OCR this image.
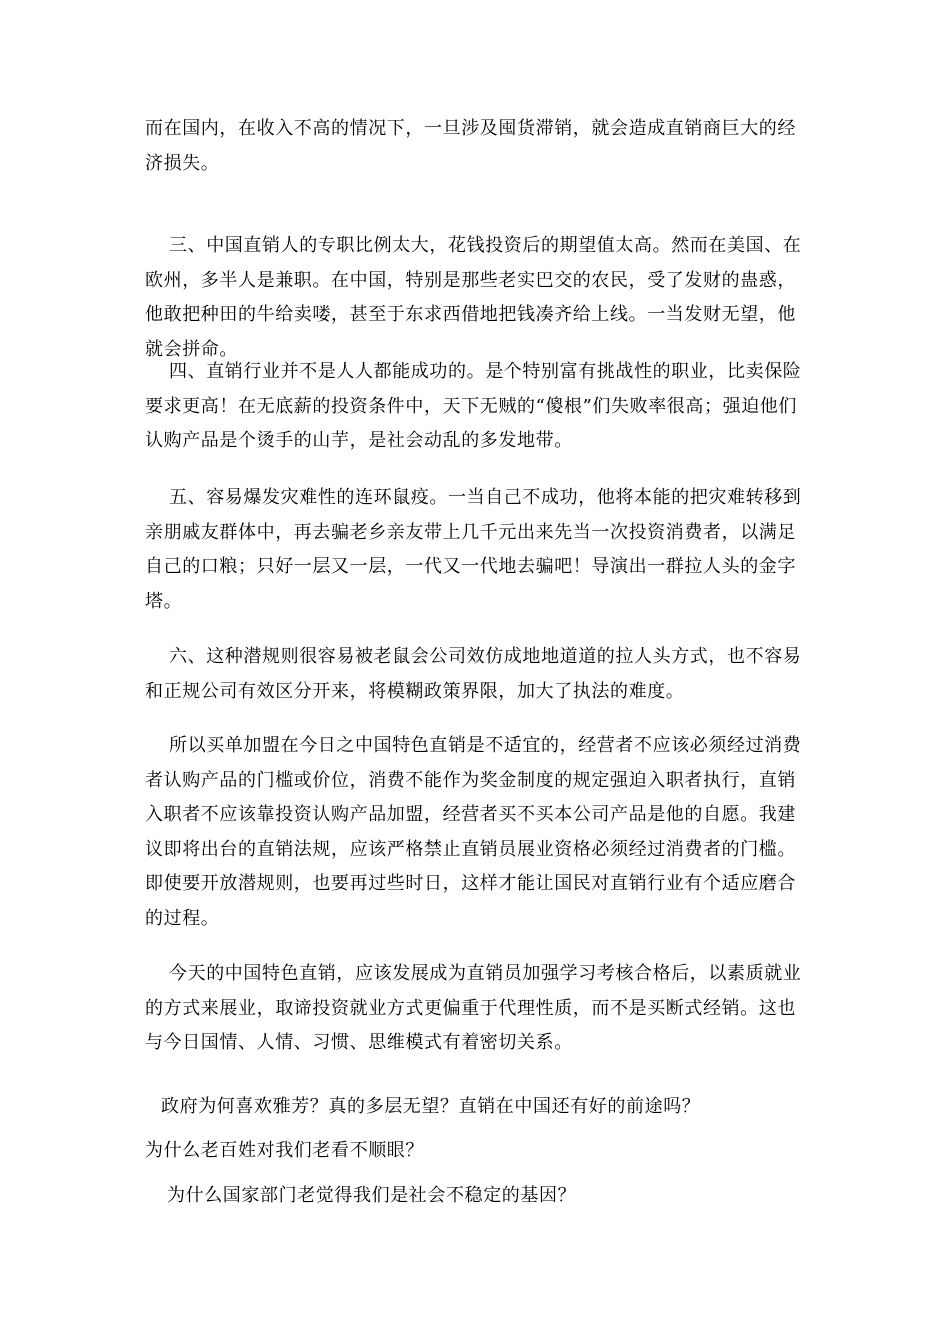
而在国内，在收入不高的情况下，一旦涉及囤货滞销，就会造成直销商巨大的经济损失。

三、中国直销人的专职比例太大，花钱投资后的期望值太高。然而在美国、在欧州，多半人是兼职。在中国，特别是那些老实巴交的农民，受了发财的蛊惑，他敢把种田的牛给卖喽，甚至于东求西借地把钱凑齐给上线。一当发财无望，他就会拼命。

四、直销行业并不是人人都能成功的。是个特别富有挑战性的职业，比卖保险要求更高！在无底薪的投资条件中，天下无贼的“傻根”们失败率很高；强迫他们认购产品是个烫手的山芋，是社会动乱的多发地带。

五、容易爆发灾难性的连环鼠疫。一当自己不成功，他将本能的把灾难转移到亲朋戚友群体中，再去骗老乡亲友带上几千元出来先当一次投资消费者，以满足自己的口粮；只好一层又一层，一代又一代地去骗吧！导演出一群拉人头的金字塔。

六、这种潜规则很容易被老鼠会公司效仿成地地道道的拉人头方式，也不容易和正规公司有效区分开来，将模糊政策界限，加大了执法的难度。

所以买单加盟在今日之中国特色直销是不适宜的，经营者不应该必须经过消费者认购产品的门槛或价位，消费不能作为奖金制度的规定强迫入职者执行，直销入职者不应该靠投资认购产品加盟，经营者买不买本公司产品是他的自愿。我建议即将出台的直销法规，应该严格禁止直销员展业资格必须经过消费者的门槛。即使要开放潜规则，也要再过些时日，这样才能让国民对直销行业有个适应磨合的过程。

今天的中国特色直销，应该发展成为直销员加强学习考核合格后，以素质就业的方式来展业，取谛投资就业方式更偏重于代理性质，而不是买断式经销。这也与今日国情、人情、习惯、思维模式有着密切关系。

政府为何喜欢雅芳？真的多层无望？直销在中国还有好的前途吗？

为什么老百姓对我们老看不顺眼？

为什么国家部门老觉得我们是社会不稳定的基因？
